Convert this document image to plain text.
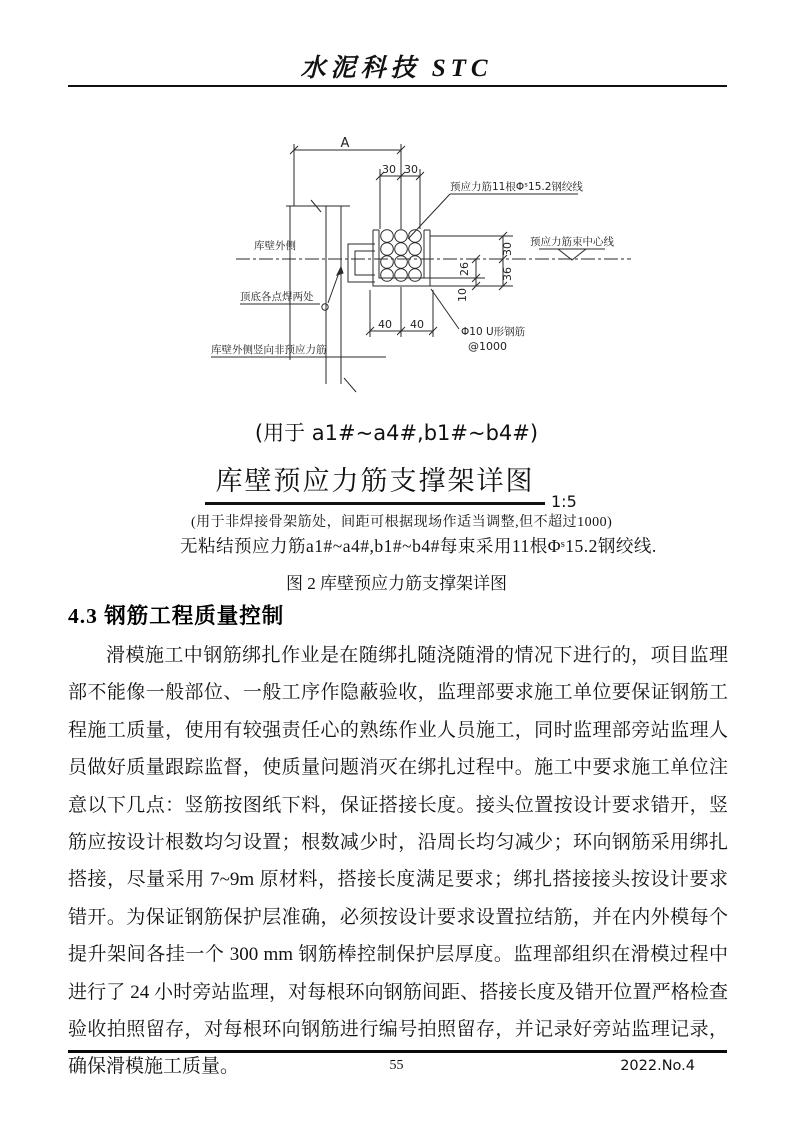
水泥科技 STC
A
30 30
40 40
30
36
26
10
预应力筋11根Φˢ15.2钢绞线
预应力筋束中心线
库壁外侧
顶底各点焊两处
库壁外侧竖向非预应力筋
Φ10 U形钢筋
@1000
(用于 a1#~a4#,b1#~b4#)
库壁预应力筋支撑架详图
1:5
(用于非焊接骨架筋处，间距可根据现场作适当调整,但不超过1000)
无粘结预应力筋a1#~a4#,b1#~b4#每束采用11根Φˢ15.2钢绞线.
图 2 库壁预应力筋支撑架详图
4.3 钢筋工程质量控制
滑模施工中钢筋绑扎作业是在随绑扎随浇随滑的情况下进行的，项目监理部不能像一般部位、一般工序作隐蔽验收，监理部要求施工单位要保证钢筋工程施工质量，使用有较强责任心的熟练作业人员施工，同时监理部旁站监理人员做好质量跟踪监督，使质量问题消灭在绑扎过程中。施工中要求施工单位注意以下几点：竖筋按图纸下料，保证搭接长度。接头位置按设计要求错开，竖筋应按设计根数均匀设置；根数减少时，沿周长均匀减少；环向钢筋采用绑扎搭接，尽量采用 7~9m 原材料，搭接长度满足要求；绑扎搭接接头按设计要求错开。为保证钢筋保护层准确，必须按设计要求设置拉结筋，并在内外模每个提升架间各挂一个 300 mm 钢筋棒控制保护层厚度。监理部组织在滑模过程中进行了 24 小时旁站监理，对每根环向钢筋间距、搭接长度及错开位置严格检查验收拍照留存，对每根环向钢筋进行编号拍照留存，并记录好旁站监理记录，确保滑模施工质量。	55	2022.No.4
